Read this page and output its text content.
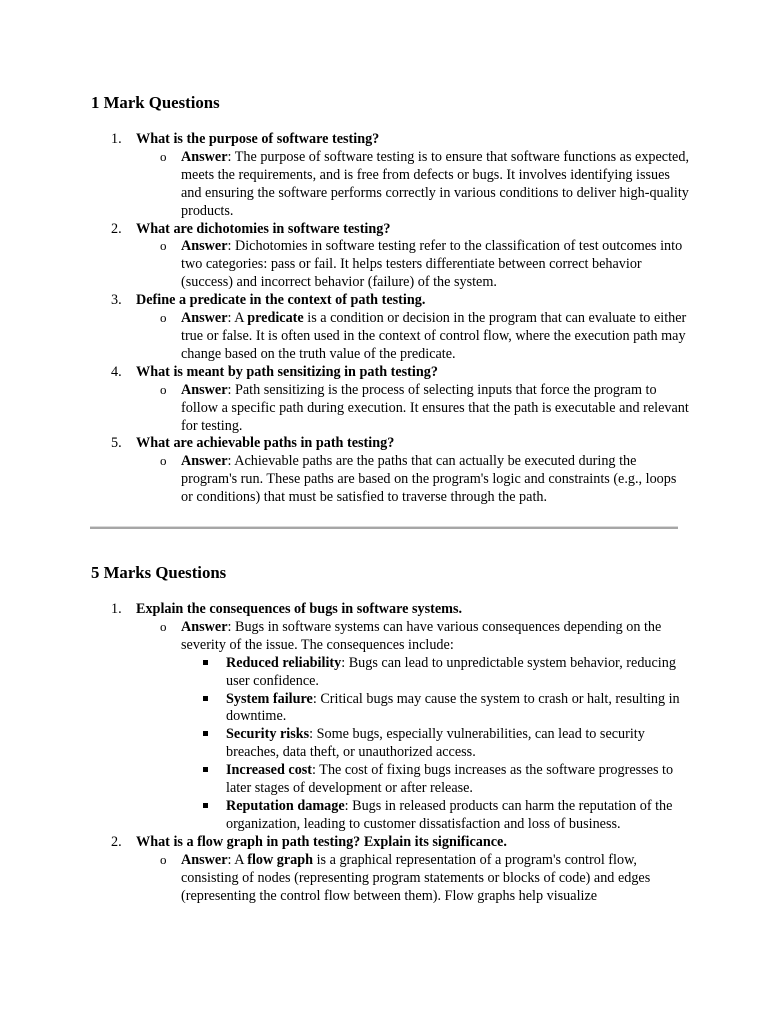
1 Mark Questions
1.	What is the purpose of software testing?
o Answer: The purpose of software testing is to ensure that software functions as expected, meets the requirements, and is free from defects or bugs. It involves identifying issues and ensuring the software performs correctly in various conditions to deliver high-quality products.
2.	What are dichotomies in software testing?
o Answer: Dichotomies in software testing refer to the classification of test outcomes into two categories: pass or fail. It helps testers differentiate between correct behavior (success) and incorrect behavior (failure) of the system.
3.	Define a predicate in the context of path testing.
o Answer: A predicate is a condition or decision in the program that can evaluate to either true or false. It is often used in the context of control flow, where the execution path may change based on the truth value of the predicate.
4.	What is meant by path sensitizing in path testing?
o Answer: Path sensitizing is the process of selecting inputs that force the program to follow a specific path during execution. It ensures that the path is executable and relevant for testing.
5.	What are achievable paths in path testing?
o Answer: Achievable paths are the paths that can actually be executed during the program's run. These paths are based on the program's logic and constraints (e.g., loops or conditions) that must be satisfied to traverse through the path.
5 Marks Questions
1.	Explain the consequences of bugs in software systems.
o Answer: Bugs in software systems can have various consequences depending on the severity of the issue. The consequences include:
Reduced reliability: Bugs can lead to unpredictable system behavior, reducing user confidence.
System failure: Critical bugs may cause the system to crash or halt, resulting in downtime.
Security risks: Some bugs, especially vulnerabilities, can lead to security breaches, data theft, or unauthorized access.
Increased cost: The cost of fixing bugs increases as the software progresses to later stages of development or after release.
Reputation damage: Bugs in released products can harm the reputation of the organization, leading to customer dissatisfaction and loss of business.
2.	What is a flow graph in path testing? Explain its significance.
o Answer: A flow graph is a graphical representation of a program's control flow, consisting of nodes (representing program statements or blocks of code) and edges (representing the control flow between them). Flow graphs help visualize
